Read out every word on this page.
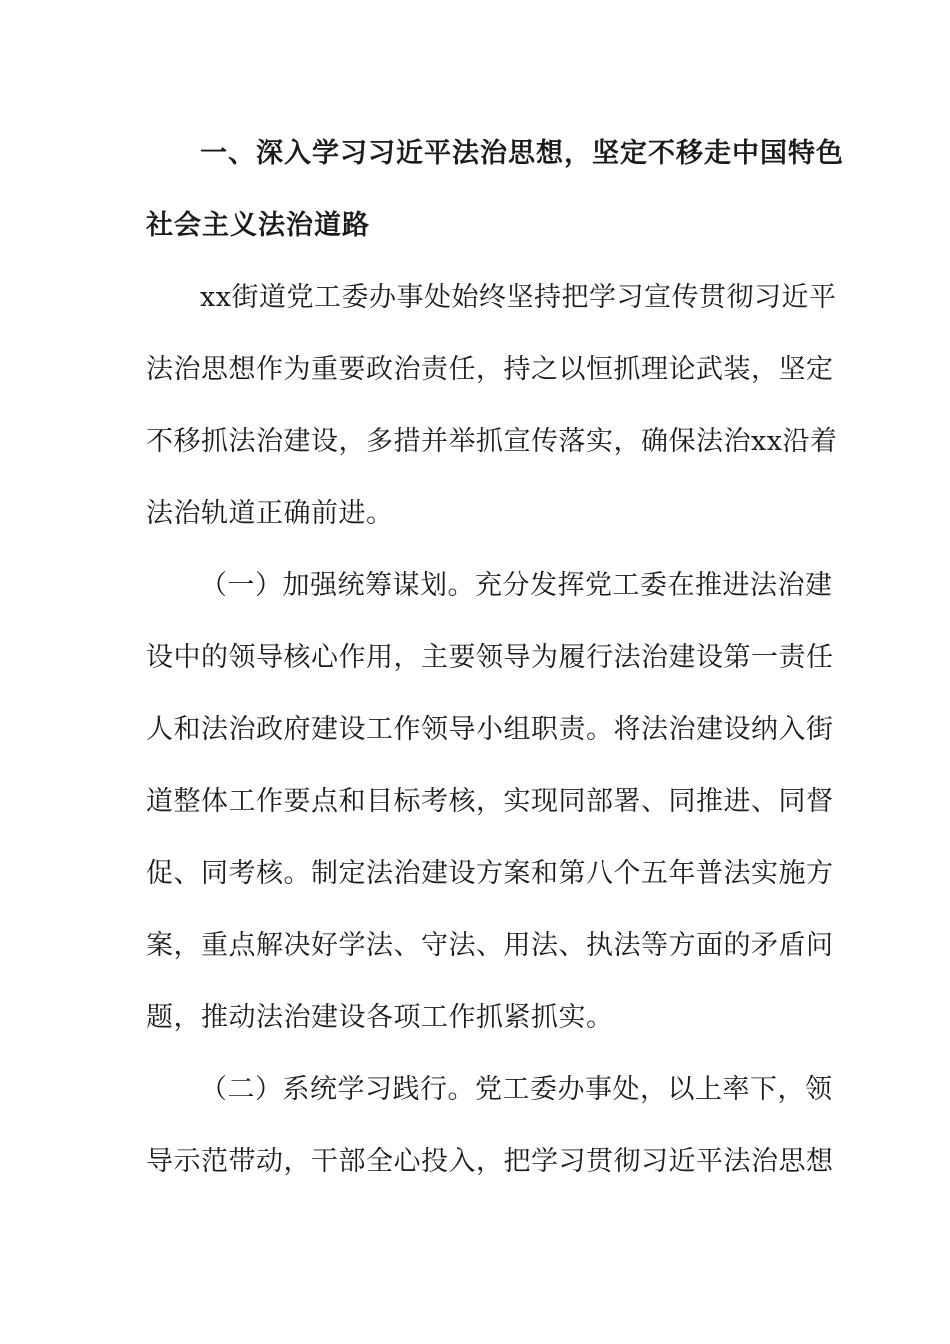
一、深入学习习近平法治思想，坚定不移走中国特色
社会主义法治道路
xx街道党工委办事处始终坚持把学习宣传贯彻习近平
法治思想作为重要政治责任，持之以恒抓理论武装，坚定
不移抓法治建设，多措并举抓宣传落实，确保法治xx沿着
法治轨道正确前进。
（一）加强统筹谋划。充分发挥党工委在推进法治建
设中的领导核心作用，主要领导为履行法治建设第一责任
人和法治政府建设工作领导小组职责。将法治建设纳入街
道整体工作要点和目标考核，实现同部署、同推进、同督
促、同考核。制定法治建设方案和第八个五年普法实施方
案，重点解决好学法、守法、用法、执法等方面的矛盾问
题，推动法治建设各项工作抓紧抓实。
（二）系统学习践行。党工委办事处，以上率下，领
导示范带动，干部全心投入，把学习贯彻习近平法治思想
